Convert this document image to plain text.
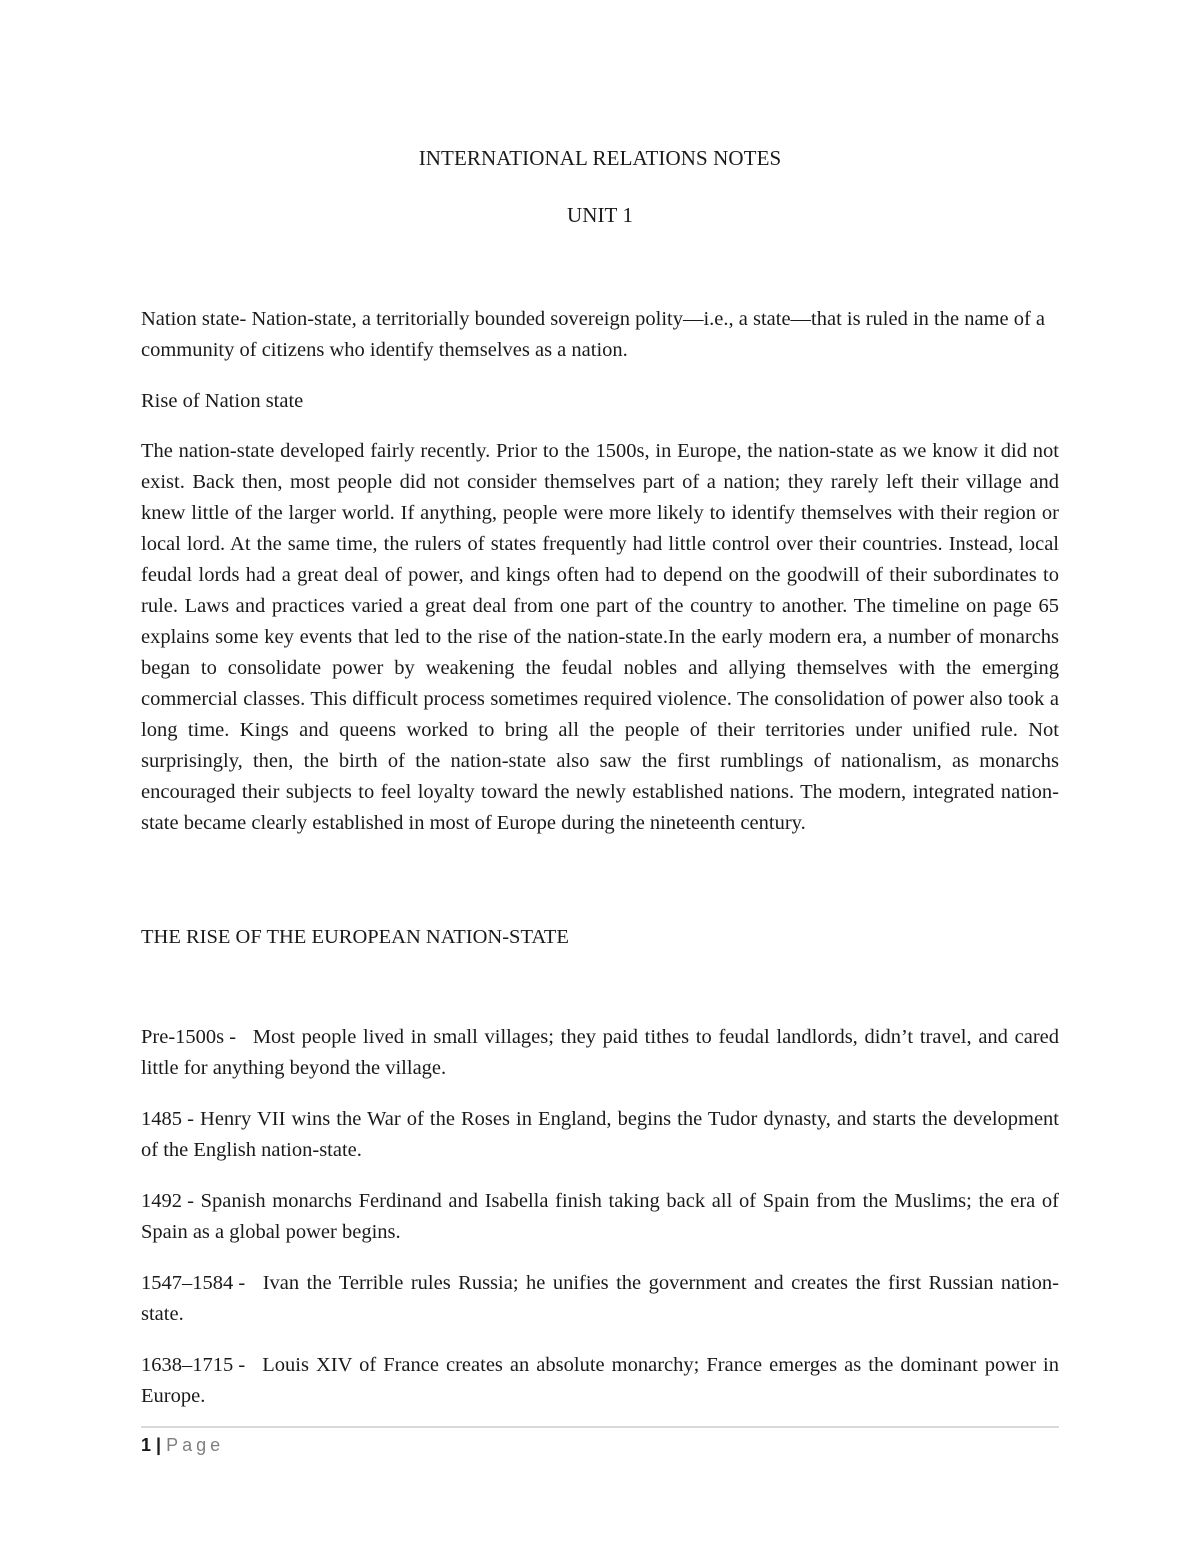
INTERNATIONAL RELATIONS NOTES
UNIT 1

Nation state- Nation-state, a territorially bounded sovereign polity—i.e., a state—that is ruled in the name of a community of citizens who identify themselves as a nation.

Rise of Nation state

The nation-state developed fairly recently. Prior to the 1500s, in Europe, the nation-state as we know it did not exist. Back then, most people did not consider themselves part of a nation; they rarely left their village and knew little of the larger world. If anything, people were more likely to identify themselves with their region or local lord. At the same time, the rulers of states frequently had little control over their countries. Instead, local feudal lords had a great deal of power, and kings often had to depend on the goodwill of their subordinates to rule. Laws and practices varied a great deal from one part of the country to another. The timeline on page 65 explains some key events that led to the rise of the nation-state.In the early modern era, a number of monarchs began to consolidate power by weakening the feudal nobles and allying themselves with the emerging commercial classes. This difficult process sometimes required violence. The consolidation of power also took a long time. Kings and queens worked to bring all the people of their territories under unified rule. Not surprisingly, then, the birth of the nation-state also saw the first rumblings of nationalism, as monarchs encouraged their subjects to feel loyalty toward the newly established nations. The modern, integrated nation-state became clearly established in most of Europe during the nineteenth century.

THE RISE OF THE EUROPEAN NATION-STATE

Pre-1500s - Most people lived in small villages; they paid tithes to feudal landlords, didn’t travel, and cared little for anything beyond the village.

1485 - Henry VII wins the War of the Roses in England, begins the Tudor dynasty, and starts the development of the English nation-state.

1492 - Spanish monarchs Ferdinand and Isabella finish taking back all of Spain from the Muslims; the era of Spain as a global power begins.

1547–1584 - Ivan the Terrible rules Russia; he unifies the government and creates the first Russian nation-state.

1638–1715 - Louis XIV of France creates an absolute monarchy; France emerges as the dominant power in Europe.

1 | Page
